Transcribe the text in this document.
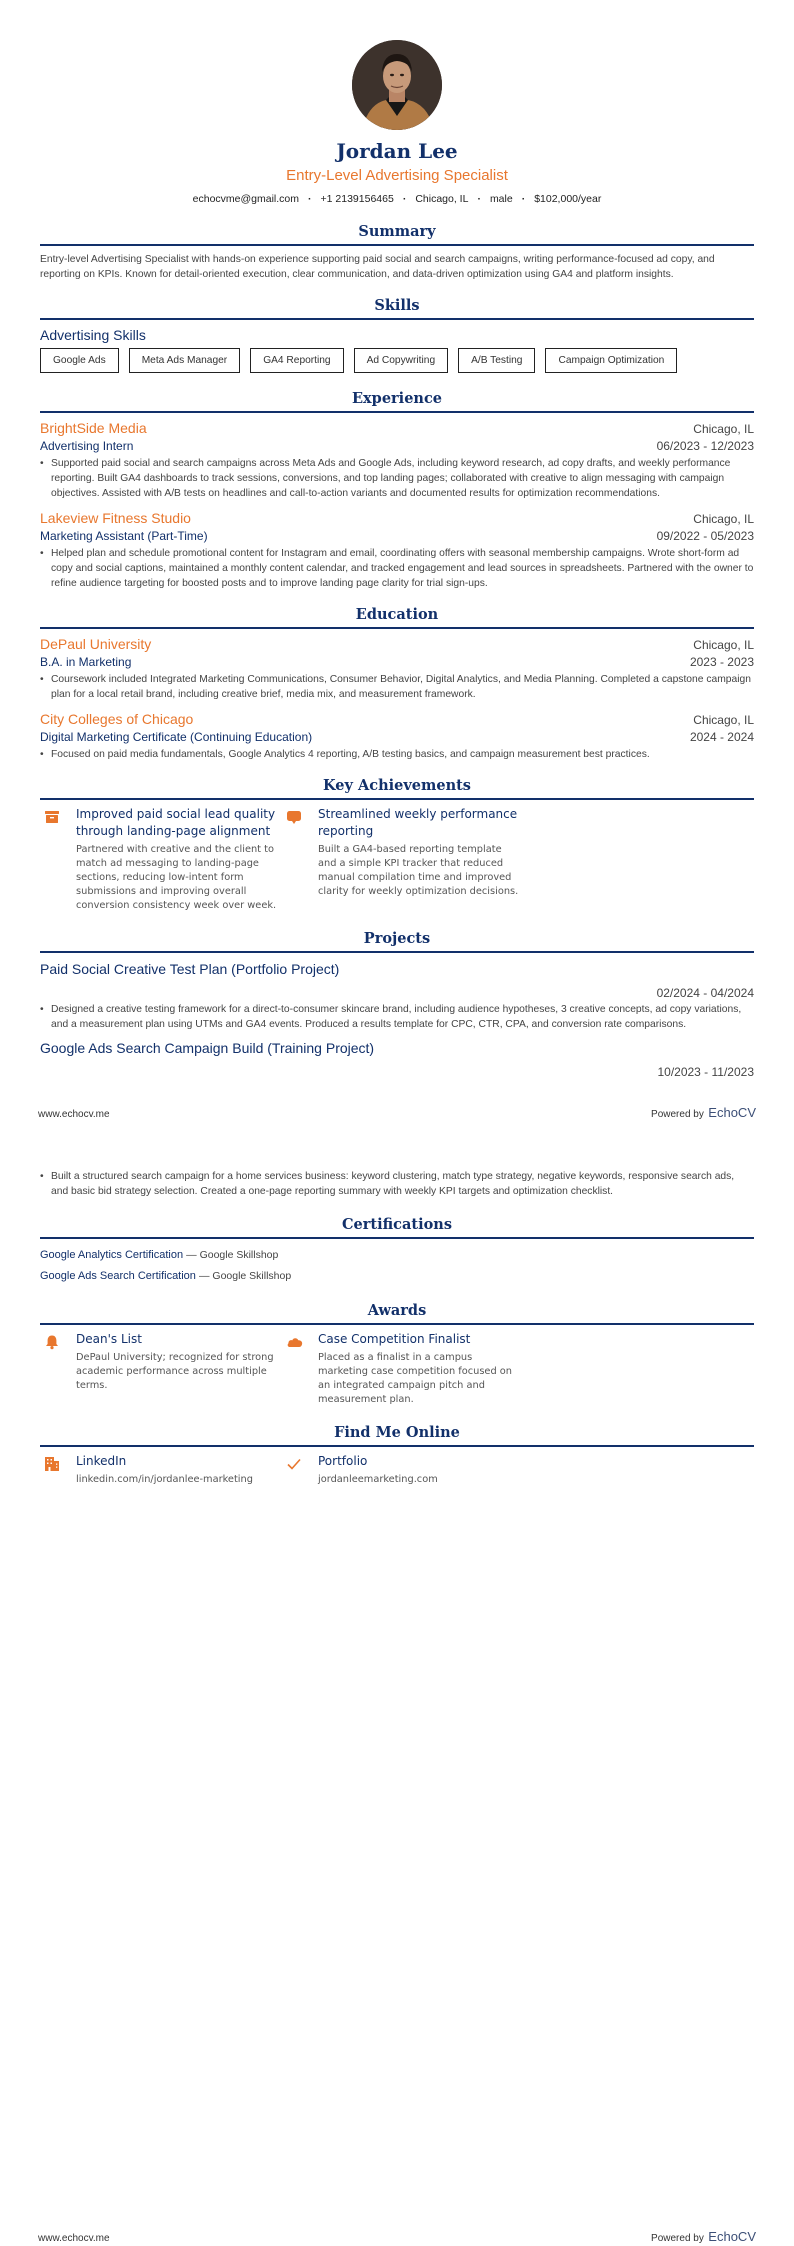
Jordan Lee
Entry-Level Advertising Specialist
echocvme@gmail.com · +1 2139156465 · Chicago, IL · male · $102,000/year
Summary
Entry-level Advertising Specialist with hands-on experience supporting paid social and search campaigns, writing performance-focused ad copy, and reporting on KPIs. Known for detail-oriented execution, clear communication, and data-driven optimization using GA4 and platform insights.
Skills
Advertising Skills
Google Ads	Meta Ads Manager	GA4 Reporting	Ad Copywriting	A/B Testing	Campaign Optimization
Experience
BrightSide Media	Chicago, IL
Advertising Intern	06/2023 - 12/2023
• Supported paid social and search campaigns across Meta Ads and Google Ads, including keyword research, ad copy drafts, and weekly performance reporting. Built GA4 dashboards to track sessions, conversions, and top landing pages; collaborated with creative to align messaging with campaign objectives. Assisted with A/B tests on headlines and call-to-action variants and documented results for optimization recommendations.
Lakeview Fitness Studio	Chicago, IL
Marketing Assistant (Part-Time)	09/2022 - 05/2023
• Helped plan and schedule promotional content for Instagram and email, coordinating offers with seasonal membership campaigns. Wrote short-form ad copy and social captions, maintained a monthly content calendar, and tracked engagement and lead sources in spreadsheets. Partnered with the owner to refine audience targeting for boosted posts and to improve landing page clarity for trial sign-ups.
Education
DePaul University	Chicago, IL
B.A. in Marketing	2023 - 2023
• Coursework included Integrated Marketing Communications, Consumer Behavior, Digital Analytics, and Media Planning. Completed a capstone campaign plan for a local retail brand, including creative brief, media mix, and measurement framework.
City Colleges of Chicago	Chicago, IL
Digital Marketing Certificate (Continuing Education)	2024 - 2024
• Focused on paid media fundamentals, Google Analytics 4 reporting, A/B testing basics, and campaign measurement best practices.
Key Achievements
Improved paid social lead quality through landing-page alignment
Partnered with creative and the client to match ad messaging to landing-page sections, reducing low-intent form submissions and improving overall conversion consistency week over week.
Streamlined weekly performance reporting
Built a GA4-based reporting template and a simple KPI tracker that reduced manual compilation time and improved clarity for weekly optimization decisions.
Projects
Paid Social Creative Test Plan (Portfolio Project)
02/2024 - 04/2024
• Designed a creative testing framework for a direct-to-consumer skincare brand, including audience hypotheses, 3 creative concepts, ad copy variations, and a measurement plan using UTMs and GA4 events. Produced a results template for CPC, CTR, CPA, and conversion rate comparisons.
Google Ads Search Campaign Build (Training Project)
10/2023 - 11/2023
• Built a structured search campaign for a home services business: keyword clustering, match type strategy, negative keywords, responsive search ads, and basic bid strategy selection. Created a one-page reporting summary with weekly KPI targets and optimization checklist.
Certifications
Google Analytics Certification — Google Skillshop
Google Ads Search Certification — Google Skillshop
Awards
Dean's List
DePaul University; recognized for strong academic performance across multiple terms.
Case Competition Finalist
Placed as a finalist in a campus marketing case competition focused on an integrated campaign pitch and measurement plan.
Find Me Online
LinkedIn
linkedin.com/in/jordanlee-marketing
Portfolio
jordanleemarketing.com
www.echocv.me	Powered by EchoCV
www.echocv.me	Powered by EchoCV
